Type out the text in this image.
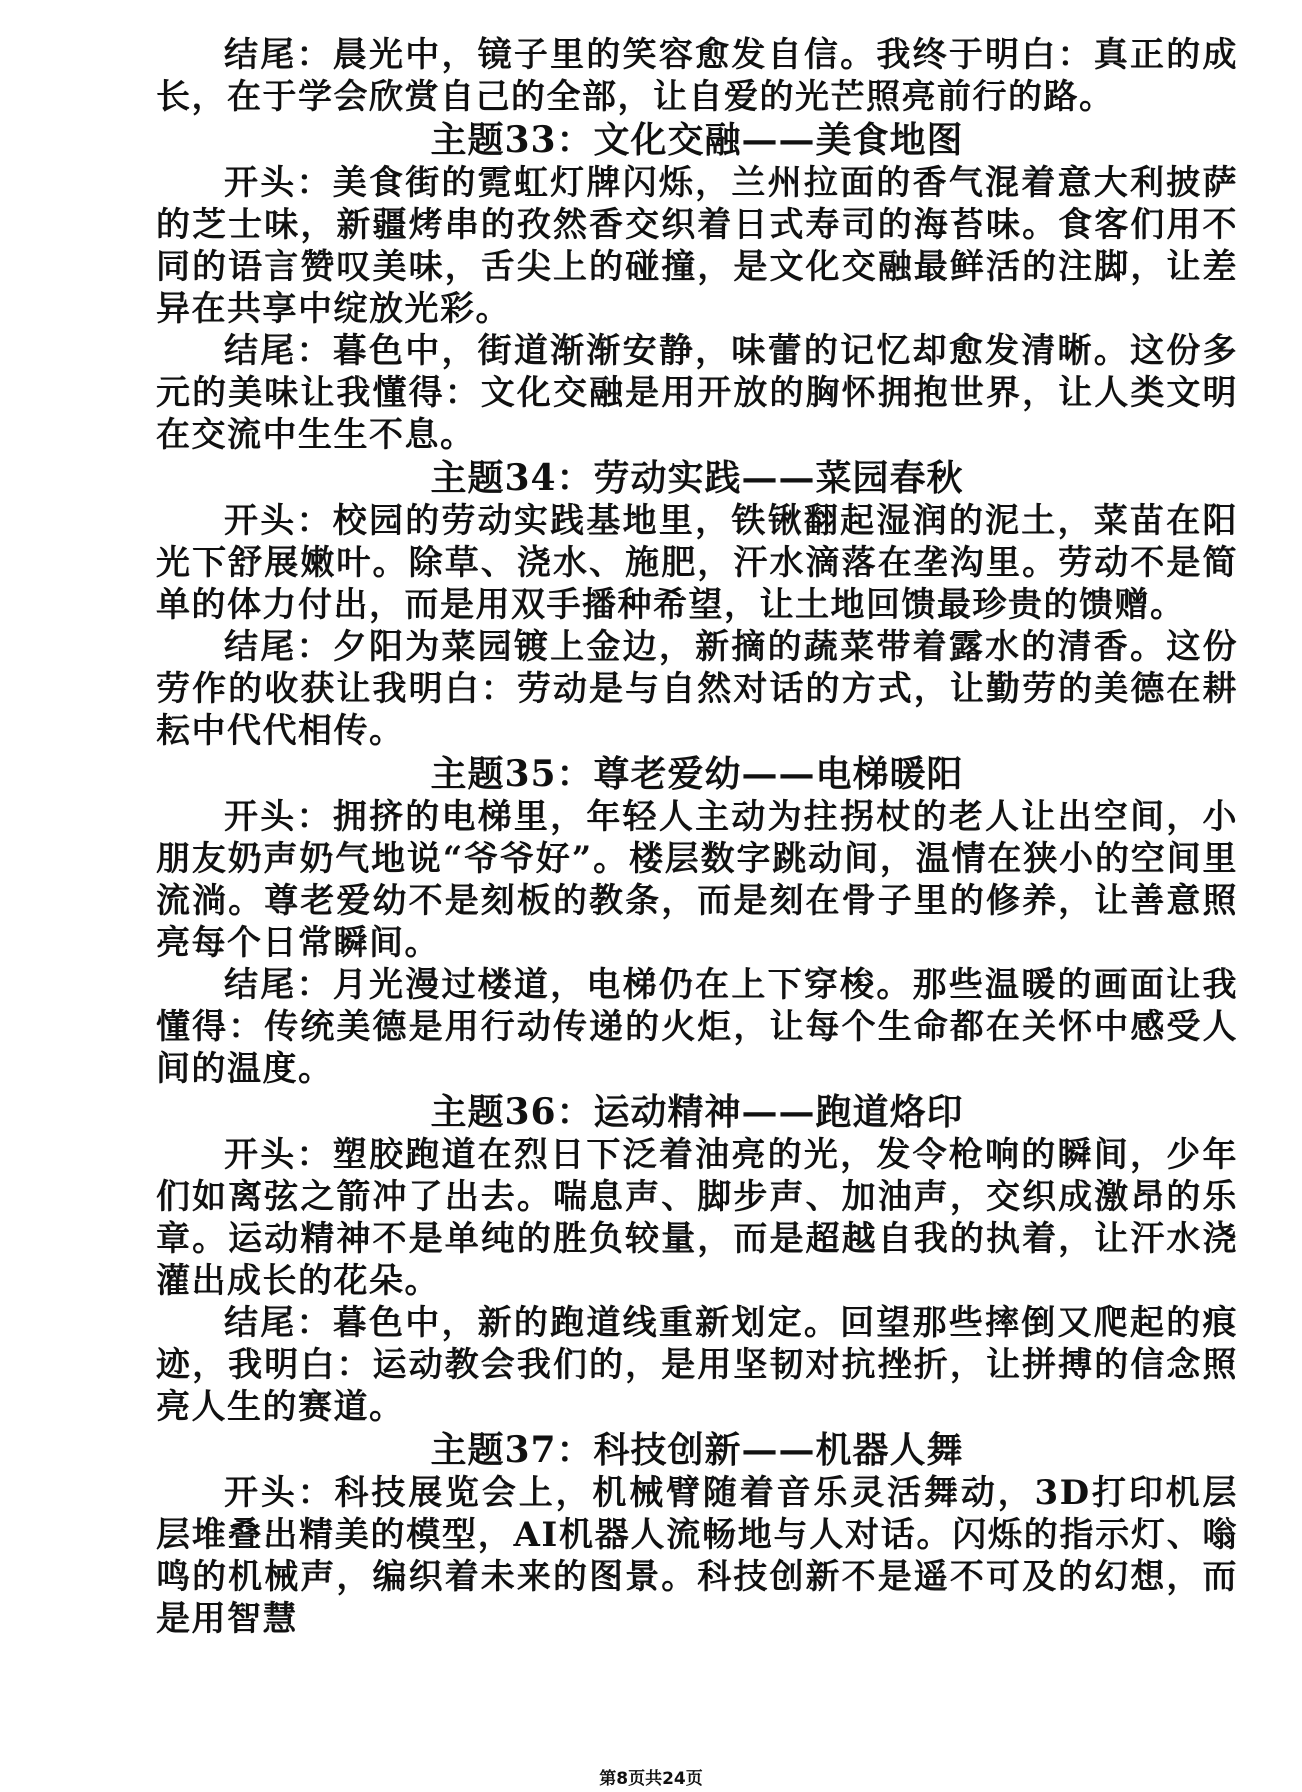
结尾：晨光中，镜子里的笑容愈发自信。我终于明白：真正的成长，在于学会欣赏自己的全部，让自爱的光芒照亮前行的路。

主题33：文化交融——美食地图

开头：美食街的霓虹灯牌闪烁，兰州拉面的香气混着意大利披萨的芝士味，新疆烤串的孜然香交织着日式寿司的海苔味。食客们用不同的语言赞叹美味，舌尖上的碰撞，是文化交融最鲜活的注脚，让差异在共享中绽放光彩。

结尾：暮色中，街道渐渐安静，味蕾的记忆却愈发清晰。这份多元的美味让我懂得：文化交融是用开放的胸怀拥抱世界，让人类文明在交流中生生不息。

主题34：劳动实践——菜园春秋

开头：校园的劳动实践基地里，铁锹翻起湿润的泥土，菜苗在阳光下舒展嫩叶。除草、浇水、施肥，汗水滴落在垄沟里。劳动不是简单的体力付出，而是用双手播种希望，让土地回馈最珍贵的馈赠。

结尾：夕阳为菜园镀上金边，新摘的蔬菜带着露水的清香。这份劳作的收获让我明白：劳动是与自然对话的方式，让勤劳的美德在耕耘中代代相传。

主题35：尊老爱幼——电梯暖阳

开头：拥挤的电梯里，年轻人主动为拄拐杖的老人让出空间，小朋友奶声奶气地说“爷爷好”。楼层数字跳动间，温情在狭小的空间里流淌。尊老爱幼不是刻板的教条，而是刻在骨子里的修养，让善意照亮每个日常瞬间。

结尾：月光漫过楼道，电梯仍在上下穿梭。那些温暖的画面让我懂得：传统美德是用行动传递的火炬，让每个生命都在关怀中感受人间的温度。

主题36：运动精神——跑道烙印

开头：塑胶跑道在烈日下泛着油亮的光，发令枪响的瞬间，少年们如离弦之箭冲了出去。喘息声、脚步声、加油声，交织成激昂的乐章。运动精神不是单纯的胜负较量，而是超越自我的执着，让汗水浇灌出成长的花朵。

结尾：暮色中，新的跑道线重新划定。回望那些摔倒又爬起的痕迹，我明白：运动教会我们的，是用坚韧对抗挫折，让拼搏的信念照亮人生的赛道。

主题37：科技创新——机器人舞

开头：科技展览会上，机械臂随着音乐灵活舞动，3D打印机层层堆叠出精美的模型，AI机器人流畅地与人对话。闪烁的指示灯、嗡鸣的机械声，编织着未来的图景。科技创新不是遥不可及的幻想，而是用智慧

第8页共24页
